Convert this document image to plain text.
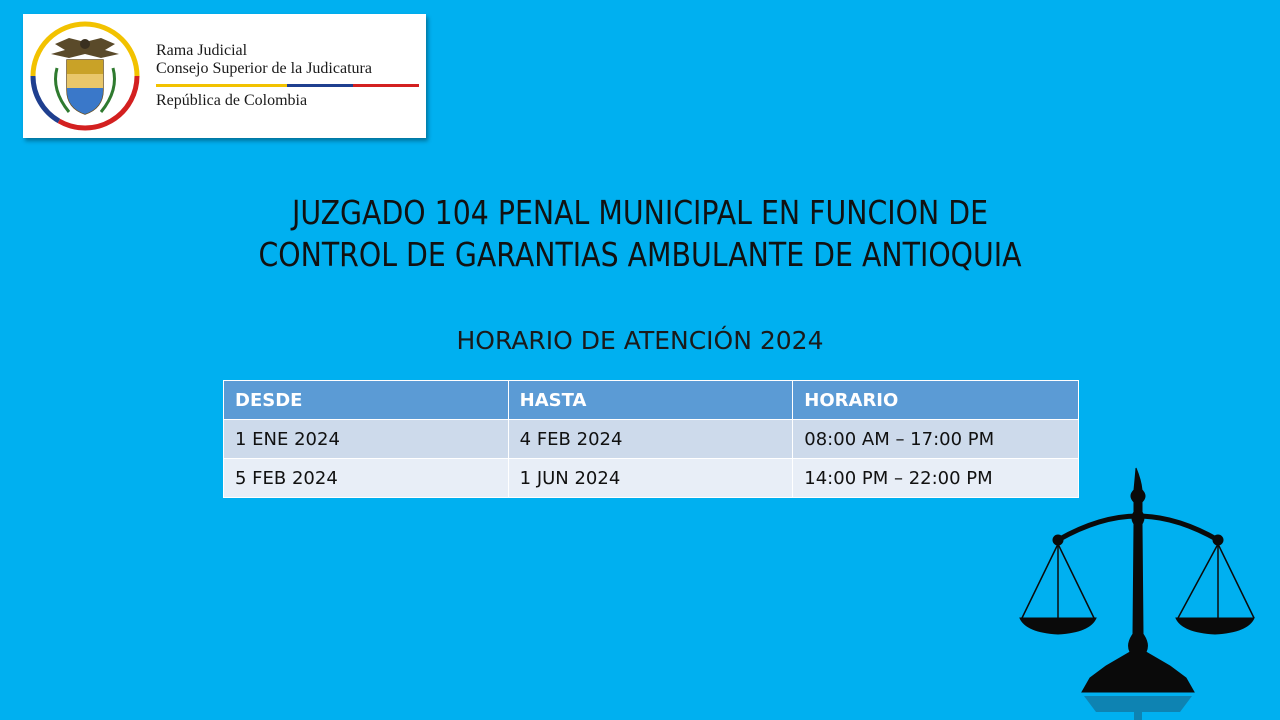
Rama Judicial
Consejo Superior de la Judicatura
República de Colombia
JUZGADO 104 PENAL MUNICIPAL EN FUNCION DE
CONTROL DE GARANTIAS AMBULANTE DE ANTIOQUIA
HORARIO DE ATENCIÓN 2024
DESDE	HASTA	HORARIO
1 ENE 2024	4 FEB 2024	08:00 AM – 17:00 PM
5 FEB 2024	1 JUN 2024	14:00 PM – 22:00 PM
